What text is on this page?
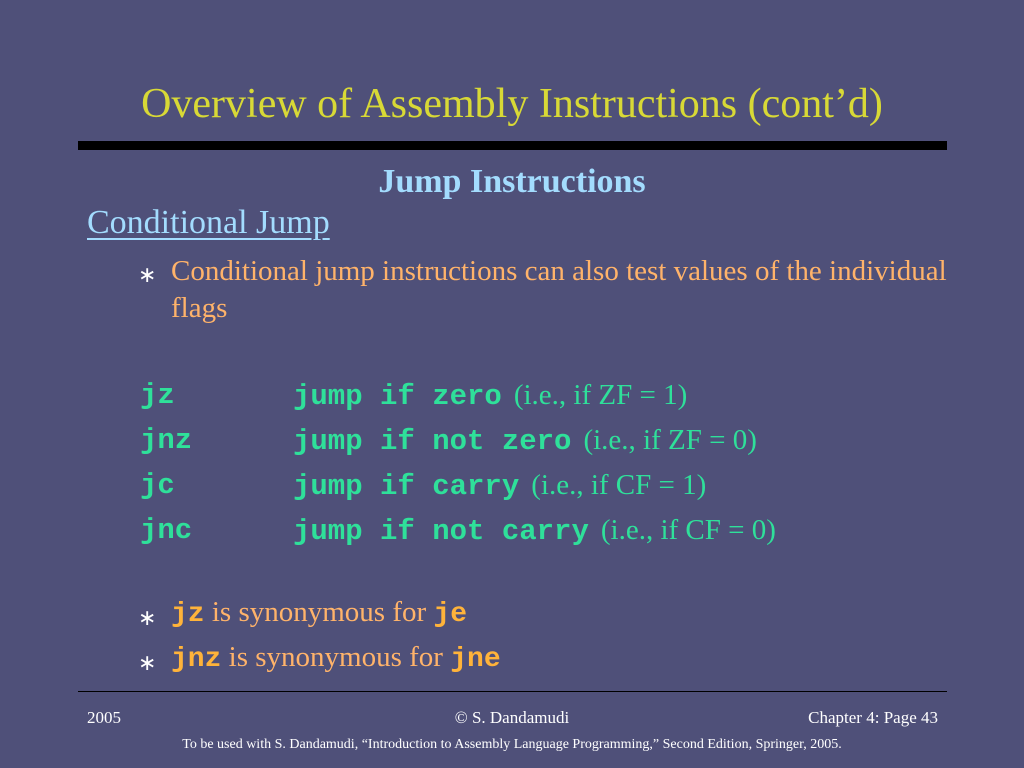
Overview of Assembly Instructions (cont’d)
Jump Instructions
Conditional Jump
∗ Conditional jump instructions can also test values of the individual flags
jz	jump if zero (i.e., if ZF = 1)
jnz	jump if not zero (i.e., if ZF = 0)
jc	jump if carry (i.e., if CF = 1)
jnc	jump if not carry (i.e., if CF = 0)
∗ jz is synonymous for je
∗ jnz is synonymous for jne
2005	© S. Dandamudi	Chapter 4: Page 43
To be used with S. Dandamudi, “Introduction to Assembly Language Programming,” Second Edition, Springer, 2005.
